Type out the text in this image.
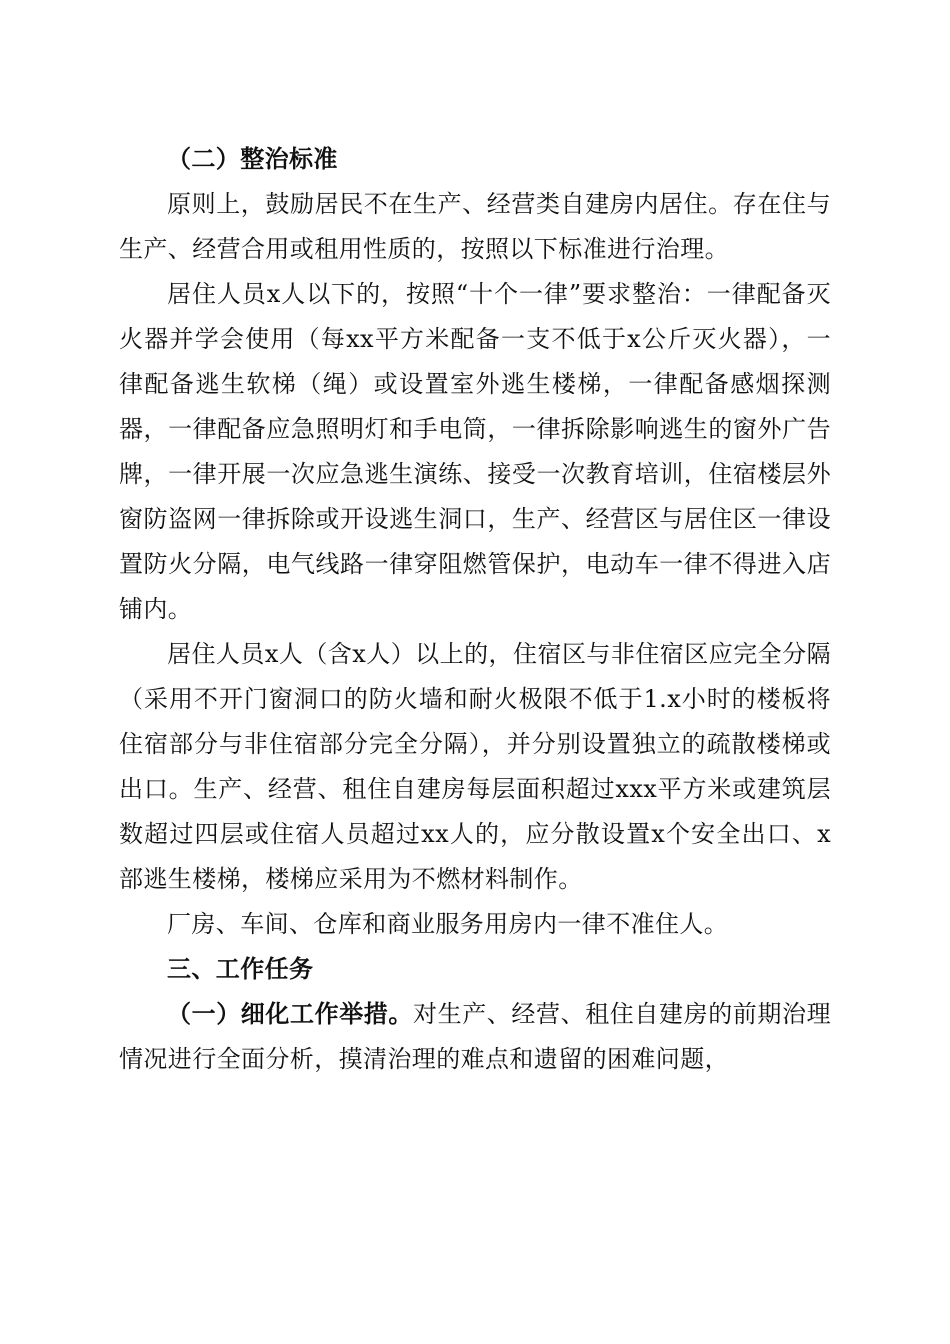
（二）整治标准

原则上，鼓励居民不在生产、经营类自建房内居住。存在住与生产、经营合用或租用性质的，按照以下标准进行治理。

居住人员x人以下的，按照“十个一律”要求整治：一律配备灭火器并学会使用（每xx平方米配备一支不低于x公斤灭火器），一律配备逃生软梯（绳）或设置室外逃生楼梯，一律配备感烟探测器，一律配备应急照明灯和手电筒，一律拆除影响逃生的窗外广告牌，一律开展一次应急逃生演练、接受一次教育培训，住宿楼层外窗防盗网一律拆除或开设逃生洞口，生产、经营区与居住区一律设置防火分隔，电气线路一律穿阻燃管保护，电动车一律不得进入店铺内。

居住人员x人（含x人）以上的，住宿区与非住宿区应完全分隔（采用不开门窗洞口的防火墙和耐火极限不低于1.x小时的楼板将住宿部分与非住宿部分完全分隔），并分别设置独立的疏散楼梯或出口。生产、经营、租住自建房每层面积超过xxx平方米或建筑层数超过四层或住宿人员超过xx人的，应分散设置x个安全出口、x部逃生楼梯，楼梯应采用为不燃材料制作。

厂房、车间、仓库和商业服务用房内一律不准住人。

三、工作任务

（一）细化工作举措。对生产、经营、租住自建房的前期治理情况进行全面分析，摸清治理的难点和遗留的困难问题，
